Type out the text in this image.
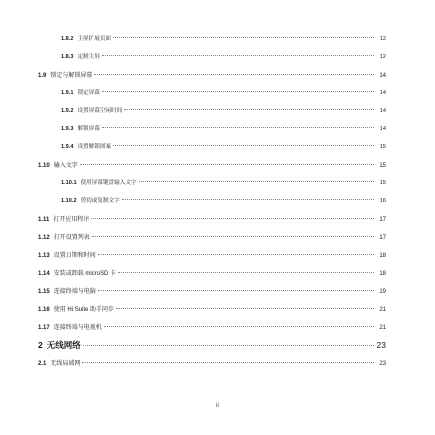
1.8.2 主屏扩展页面	12
1.8.3 定制主屏	12
1.9 锁定与解锁屏幕	14
1.9.1 锁定屏幕	14
1.9.2 设置屏幕空闲时间	14
1.9.3 解锁屏幕	14
1.9.4 设置解锁图案	15
1.10 输入文字	15
1.10.1 使用屏幕键盘输入文字	15
1.10.2 剪切或复制文字	16
1.11 打开应用程序	17
1.12 打开设置列表	17
1.13 设置日期和时间	18
1.14 安装或卸载 microSD 卡	18
1.15 连接终端与电脑	19
1.16 使用 Hi Suite 助手同步	21
1.17 连接终端与电视机	21
2 无线网络	23
2.1 无线局域网	23
ii
